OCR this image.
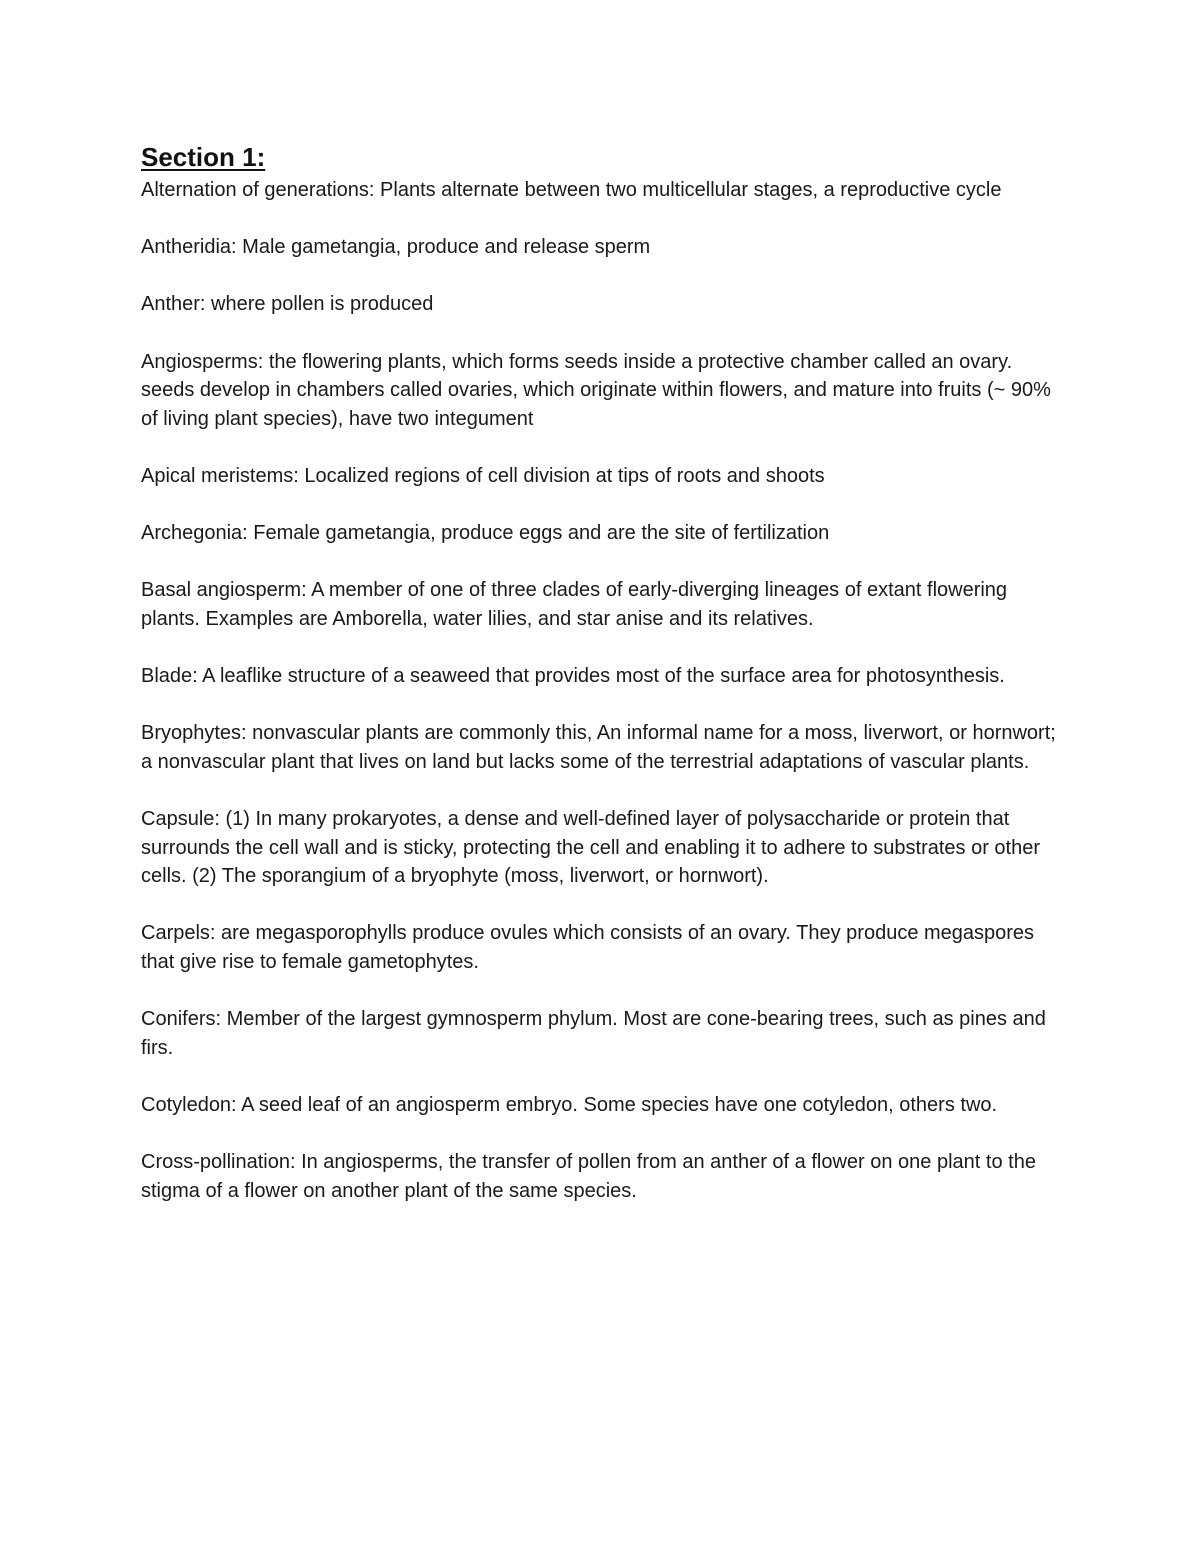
Section 1:

Alternation of generations: Plants alternate between two multicellular stages, a reproductive cycle

Antheridia: Male gametangia, produce and release sperm

Anther: where pollen is produced

Angiosperms: the flowering plants, which forms seeds inside a protective chamber called an ovary. seeds develop in chambers called ovaries, which originate within flowers, and mature into fruits (~ 90% of living plant species), have two integument

Apical meristems: Localized regions of cell division at tips of roots and shoots

Archegonia: Female gametangia, produce eggs and are the site of fertilization

Basal angiosperm: A member of one of three clades of early-diverging lineages of extant flowering plants. Examples are Amborella, water lilies, and star anise and its relatives.

Blade: A leaflike structure of a seaweed that provides most of the surface area for photosynthesis.

Bryophytes: nonvascular plants are commonly this, An informal name for a moss, liverwort, or hornwort; a nonvascular plant that lives on land but lacks some of the terrestrial adaptations of vascular plants.

Capsule: (1) In many prokaryotes, a dense and well-defined layer of polysaccharide or protein that surrounds the cell wall and is sticky, protecting the cell and enabling it to adhere to substrates or other cells. (2) The sporangium of a bryophyte (moss, liverwort, or hornwort).

Carpels: are megasporophylls produce ovules which consists of an ovary. They produce megaspores that give rise to female gametophytes.

Conifers: Member of the largest gymnosperm phylum. Most are cone-bearing trees, such as pines and firs.

Cotyledon: A seed leaf of an angiosperm embryo. Some species have one cotyledon, others two.

Cross-pollination: In angiosperms, the transfer of pollen from an anther of a flower on one plant to the stigma of a flower on another plant of the same species.
